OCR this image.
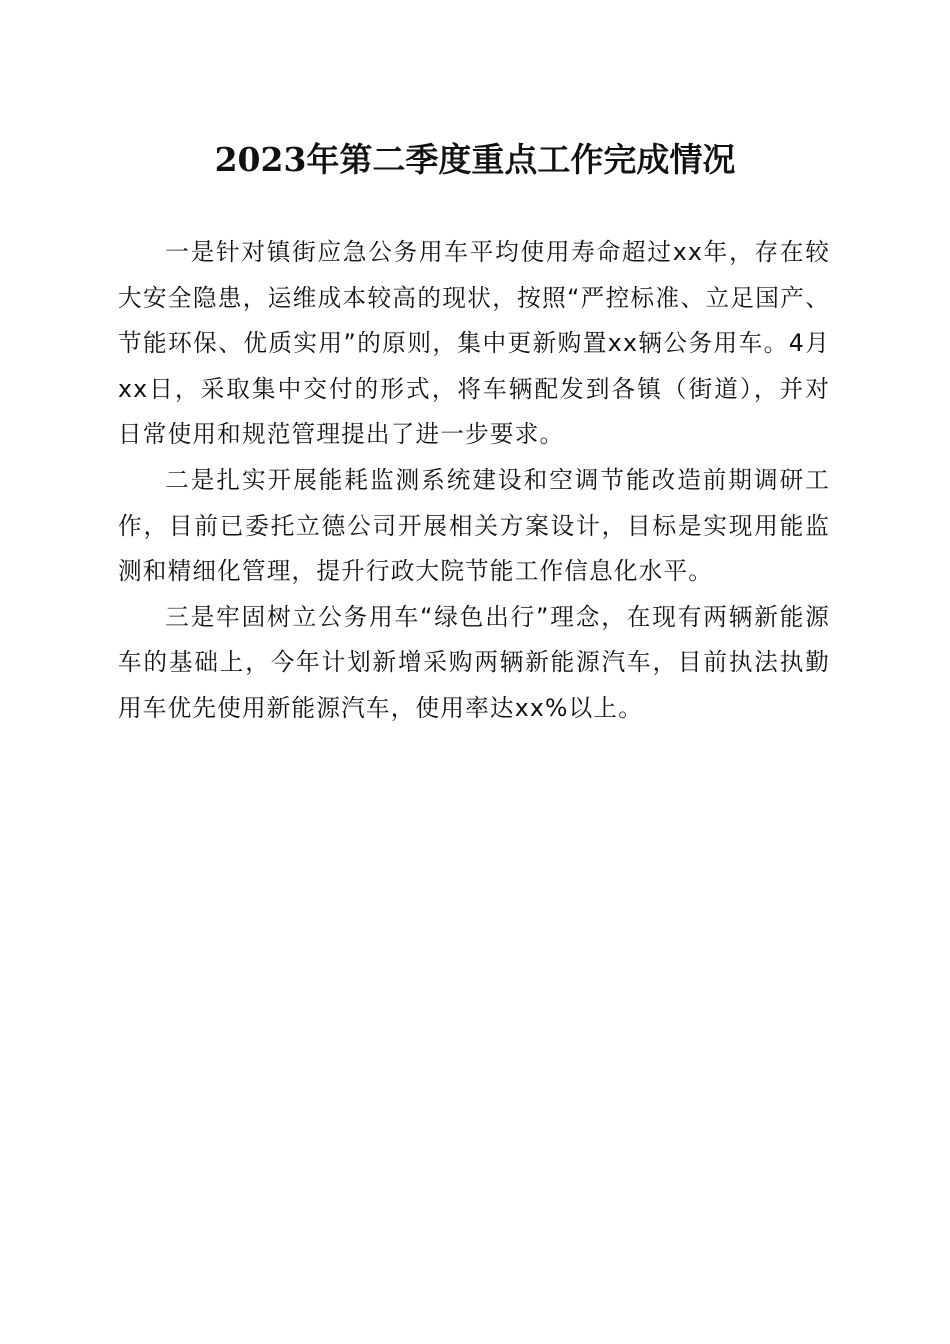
2023年第二季度重点工作完成情况

一是针对镇街应急公务用车平均使用寿命超过xx年，存在较大安全隐患，运维成本较高的现状，按照“严控标准、立足国产、节能环保、优质实用”的原则，集中更新购置xx辆公务用车。4月xx日，采取集中交付的形式，将车辆配发到各镇（街道），并对日常使用和规范管理提出了进一步要求。

二是扎实开展能耗监测系统建设和空调节能改造前期调研工作，目前已委托立德公司开展相关方案设计，目标是实现用能监测和精细化管理，提升行政大院节能工作信息化水平。

三是牢固树立公务用车“绿色出行”理念，在现有两辆新能源车的基础上，今年计划新增采购两辆新能源汽车，目前执法执勤用车优先使用新能源汽车，使用率达xx%以上。
